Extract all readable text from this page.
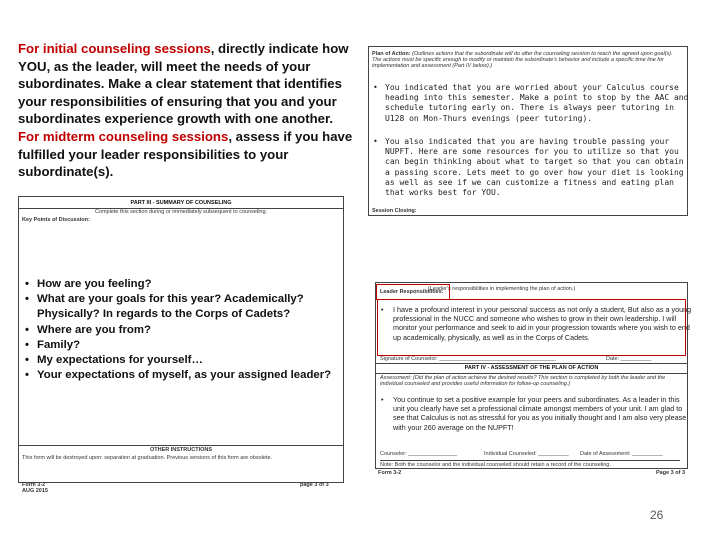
For initial counseling sessions, directly indicate how YOU, as the leader, will meet the needs of your subordinates. Make a clear statement that identifies your responsibilities of ensuring that you and your subordinates experience growth with one another.
For midterm counseling sessions, assess if you have fulfilled your leader responsibilities to your subordinate(s).
Plan of Action: (Outlines actions that the subordinate will do after the counseling session to reach the agreed upon goal(s). The actions must be specific enough to modify or maintain the subordinate's behavior and include a specific time line for implementation and assessment (Part IV below).)
• You indicated that you are worried about your Calculus course heading into this semester. Make a point to stop by the AAC and schedule tutoring early on. There is always peer tutoring in U128 on Mon-Thurs evenings (peer tutoring).
• You also indicated that you are having trouble passing your NUPFT. Here are some resources for you to utilize so that you can begin thinking about what to target so that you can obtain a passing score. Lets meet to go over how your diet is looking as well as see if we can customize a fitness and eating plan that works best for YOU.
Session Closing:
PART III - SUMMARY OF COUNSELING
Complete this section during or immediately subsequent to counseling.
Key Points of Discussion:
• How are you feeling?
• What are your goals for this year? Academically? Physically? In regards to the Corps of Cadets?
• Where are you from?
• Family?
• My expectations for yourself…
• Your expectations of myself, as your assigned leader?
OTHER INSTRUCTIONS
This form will be destroyed upon: separation at graduation. Previous versions of this form are obsolete.
Form 3-2
AUG 2015
page 3 of 3
(Leader's responsibilities in implementing the plan of action.)
Leader Responsibilities:
• I have a profound interest in your personal success as not only a student, But also as a young professional in the NUCC and someone who wishes to grow in their own leadership. I will monitor your performance and seek to aid in your progression towards where you wish to end up academically, physically, as well as in the Corps of Cadets.
Signature of Counselor: ______________________________________	Date: __________
PART IV - ASSESSMENT OF THE PLAN OF ACTION
Assessment: (Did the plan of action achieve the desired results? This section is completed by both the leader and the individual counseled and provides useful information for follow-up counseling.)
• You continue to set a positive example for your peers and subordinates. As a leader in this unit you clearly have set a professional climate amongst members of your unit. I am glad to see that Calculus is not as stressful for you as you initially thought and I am also very please with your 260 average on the NUPFT!
Counselor: ________________	Individual Counseled: __________ Date of Assessment: __________
Note: Both the counselor and the individual counseled should retain a record of the counseling.
Form 3-2	Page 3 of 3
26
